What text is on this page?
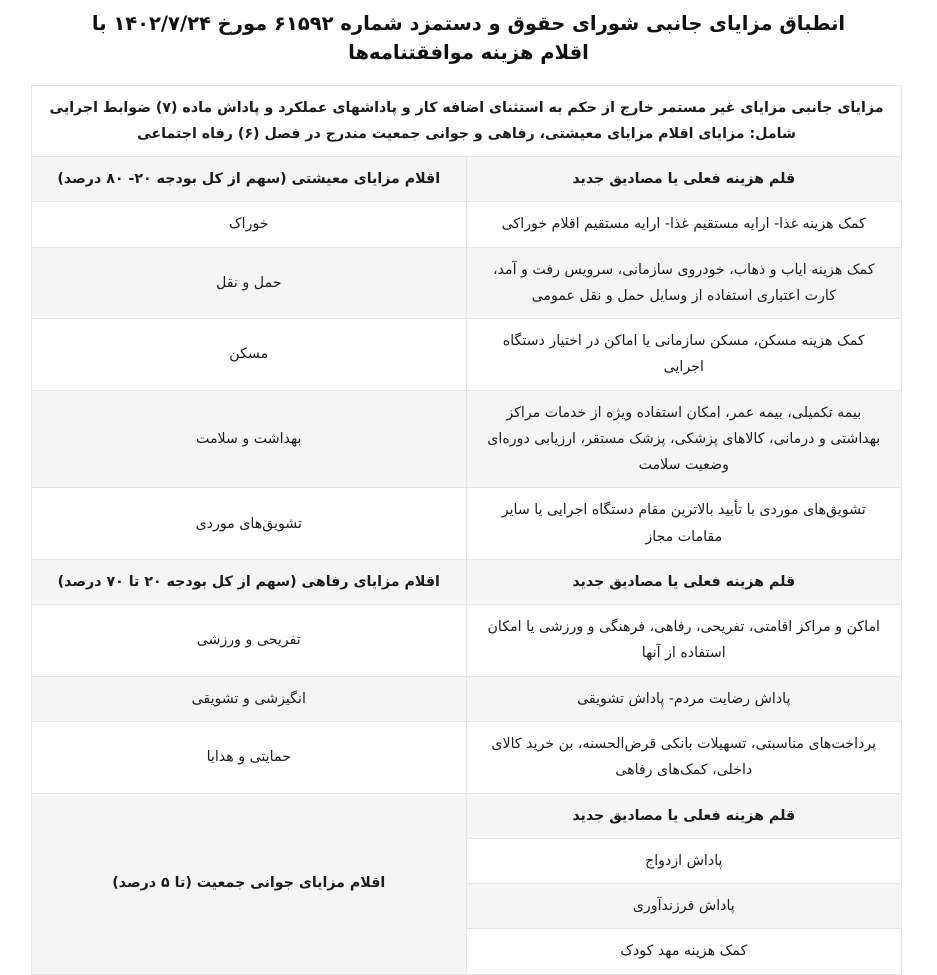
انطباق مزایای جانبی شورای حقوق و دستمزد شماره ۶۱۵۹۲ مورخ ۱۴۰۲/۷/۲۴ با اقلام هزینه موافقتنامه‌ها
مزایای جانبی مزایای غیر مستمر خارج از حکم به استثنای اضافه کار و پاداشهای عملکرد و پاداش ماده (۷) ضوابط اجرایی شامل: مزایای اقلام مزایای معیشتی، رفاهی و جوانی جمعیت مندرج در فصل (۶) رفاه اجتماعی	
قلم هزینه فعلی یا مصادیق جدید	اقلام مزایای معیشتی (سهم از کل بودجه ۲۰- ۸۰ درصد)
کمک هزینه غذا- ارایه مستقیم غذا- ارایه مستقیم اقلام خوراکی	خوراک
کمک هزینه ایاب و ذهاب، خودروی سازمانی، سرویس رفت و آمد، کارت اعتباری استفاده از وسایل حمل و نقل عمومی	حمل و نقل
کمک هزینه مسکن، مسکن سازمانی یا اماکن در اختیار دستگاه اجرایی	مسکن
بیمه تکمیلی، بیمه عمر، امکان استفاده ویژه از خدمات مراکز بهداشتی و درمانی، کالاهای پزشکی، پزشک مستقر، ارزیابی دوره‌ای وضعیت سلامت	بهداشت و سلامت
تشویق‌های موردی با تأیید بالاترین مقام دستگاه اجرایی یا سایر مقامات مجاز	تشویق‌های موردی
قلم هزینه فعلی یا مصادیق جدید	اقلام مزایای رفاهی (سهم از کل بودجه ۲۰ تا ۷۰ درصد)
اماکن و مراکز اقامتی، تفریحی، رفاهی، فرهنگی و ورزشی یا امکان استفاده از آنها	تفریحی و ورزشی
پاداش رضایت مردم- پاداش تشویقی	انگیزشی و تشویقی
پرداخت‌های مناسبتی، تسهیلات بانکی قرض‌الحسنه، بن خرید کالای داخلی، کمک‌های رفاهی	حمایتی و هدایا
قلم هزینه فعلی یا مصادیق جدید	اقلام مزایای جوانی جمعیت (تا ۵ درصد)
پاداش ازدواج	
پاداش فرزندآوری	
کمک هزینه مهد کودک	
